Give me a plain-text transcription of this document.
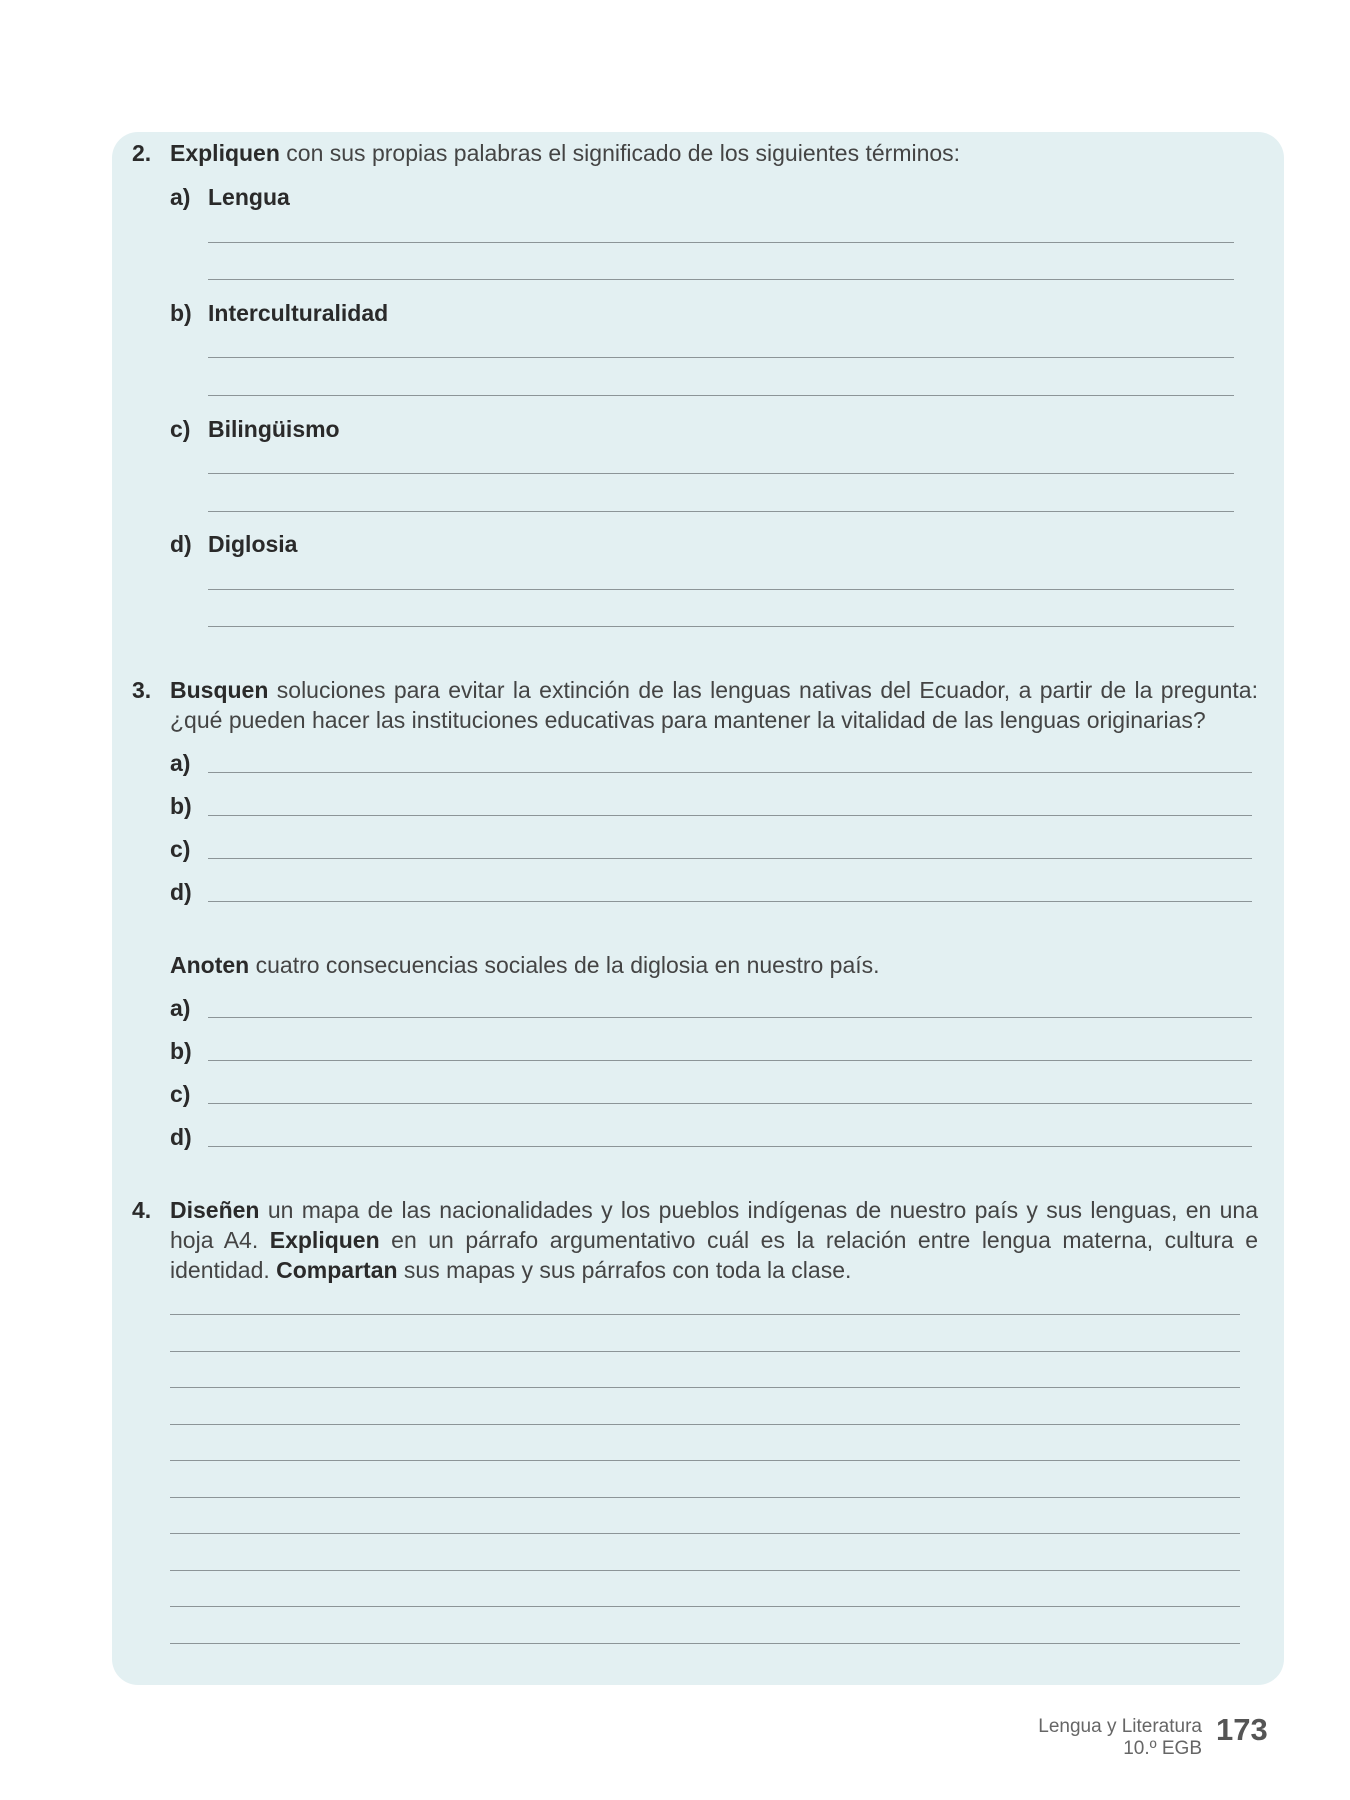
2. Expliquen con sus propias palabras el significado de los siguientes términos:
a) Lengua
b) Interculturalidad
c) Bilingüismo
d) Diglosia
3. Busquen soluciones para evitar la extinción de las lenguas nativas del Ecuador, a partir de la pregunta: ¿qué pueden hacer las instituciones educativas para mantener la vitalidad de las lenguas originarias?
a)
b)
c)
d)
Anoten cuatro consecuencias sociales de la diglosia en nuestro país.
a)
b)
c)
d)
4. Diseñen un mapa de las nacionalidades y los pueblos indígenas de nuestro país y sus lenguas, en una hoja A4. Expliquen en un párrafo argumentativo cuál es la relación entre lengua materna, cultura e identidad. Compartan sus mapas y sus párrafos con toda la clase.
Lengua y Literatura
10.º EGB
173
